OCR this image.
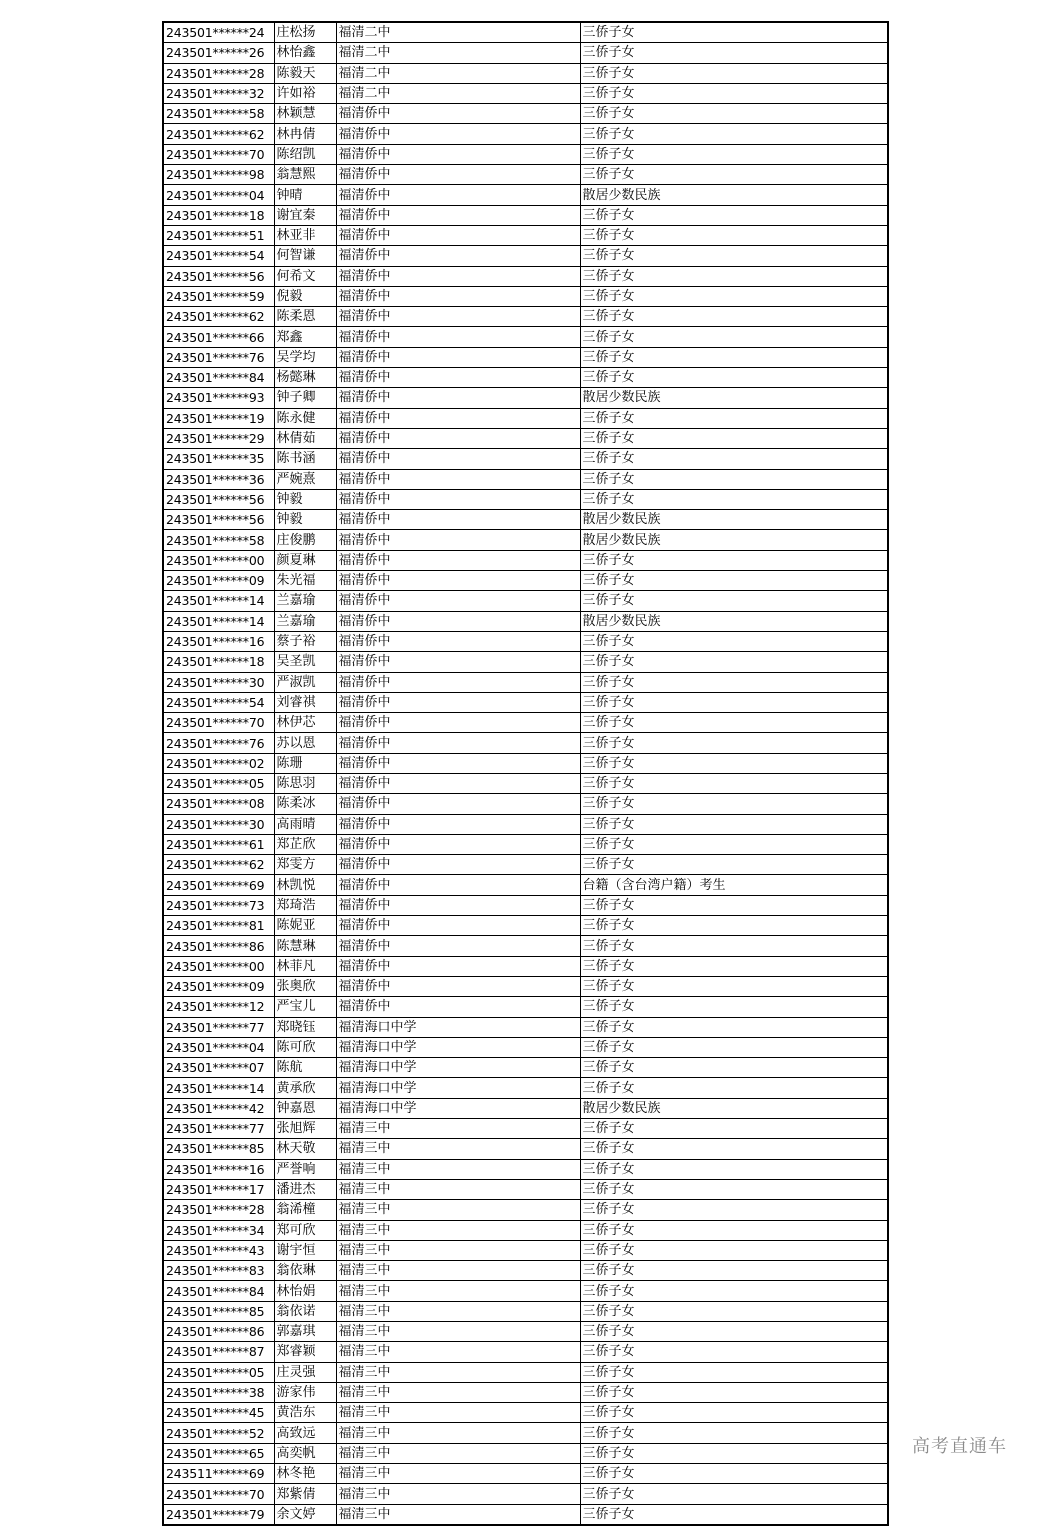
243501******24	庄松扬	福清二中	三侨子女
243501******26	林怡鑫	福清二中	三侨子女
243501******28	陈毅天	福清二中	三侨子女
243501******32	许如裕	福清二中	三侨子女
243501******58	林颖慧	福清侨中	三侨子女
243501******62	林冉倩	福清侨中	三侨子女
243501******70	陈绍凯	福清侨中	三侨子女
243501******98	翁慧熙	福清侨中	三侨子女
243501******04	钟晴	福清侨中	散居少数民族
243501******18	谢宜秦	福清侨中	三侨子女
243501******51	林亚非	福清侨中	三侨子女
243501******54	何智谦	福清侨中	三侨子女
243501******56	何希文	福清侨中	三侨子女
243501******59	倪毅	福清侨中	三侨子女
243501******62	陈柔恩	福清侨中	三侨子女
243501******66	郑鑫	福清侨中	三侨子女
243501******76	吴学均	福清侨中	三侨子女
243501******84	杨懿琳	福清侨中	三侨子女
243501******93	钟子卿	福清侨中	散居少数民族
243501******19	陈永健	福清侨中	三侨子女
243501******29	林倩茹	福清侨中	三侨子女
243501******35	陈书涵	福清侨中	三侨子女
243501******36	严婉熹	福清侨中	三侨子女
243501******56	钟毅	福清侨中	三侨子女
243501******56	钟毅	福清侨中	散居少数民族
243501******58	庄俊鹏	福清侨中	散居少数民族
243501******00	颜夏琳	福清侨中	三侨子女
243501******09	朱光福	福清侨中	三侨子女
243501******14	兰嘉瑜	福清侨中	三侨子女
243501******14	兰嘉瑜	福清侨中	散居少数民族
243501******16	蔡子裕	福清侨中	三侨子女
243501******18	吴圣凯	福清侨中	三侨子女
243501******30	严淑凯	福清侨中	三侨子女
243501******54	刘睿祺	福清侨中	三侨子女
243501******70	林伊芯	福清侨中	三侨子女
243501******76	苏以恩	福清侨中	三侨子女
243501******02	陈珊	福清侨中	三侨子女
243501******05	陈思羽	福清侨中	三侨子女
243501******08	陈柔冰	福清侨中	三侨子女
243501******30	高雨晴	福清侨中	三侨子女
243501******61	郑芷欣	福清侨中	三侨子女
243501******62	郑雯方	福清侨中	三侨子女
243501******69	林凯悦	福清侨中	台籍（含台湾户籍）考生
243501******73	郑琦浩	福清侨中	三侨子女
243501******81	陈妮亚	福清侨中	三侨子女
243501******86	陈慧琳	福清侨中	三侨子女
243501******00	林菲凡	福清侨中	三侨子女
243501******09	张奥欣	福清侨中	三侨子女
243501******12	严宝儿	福清侨中	三侨子女
243501******77	郑晓钰	福清海口中学	三侨子女
243501******04	陈可欣	福清海口中学	三侨子女
243501******07	陈航	福清海口中学	三侨子女
243501******14	黄承欣	福清海口中学	三侨子女
243501******42	钟嘉恩	福清海口中学	散居少数民族
243501******77	张旭辉	福清三中	三侨子女
243501******85	林天敬	福清三中	三侨子女
243501******16	严誉响	福清三中	三侨子女
243501******17	潘进杰	福清三中	三侨子女
243501******28	翁浠橦	福清三中	三侨子女
243501******34	郑可欣	福清三中	三侨子女
243501******43	谢宇恒	福清三中	三侨子女
243501******83	翁依琳	福清三中	三侨子女
243501******84	林怡娟	福清三中	三侨子女
243501******85	翁依诺	福清三中	三侨子女
243501******86	郭嘉琪	福清三中	三侨子女
243501******87	郑睿颖	福清三中	三侨子女
243501******05	庄灵强	福清三中	三侨子女
243501******38	游家伟	福清三中	三侨子女
243501******45	黄浩东	福清三中	三侨子女
243501******52	高致远	福清三中	三侨子女
243501******65	高奕帆	福清三中	三侨子女
243511******69	林冬艳	福清三中	三侨子女
243501******70	郑紫倩	福清三中	三侨子女
243501******79	余文婷	福清三中	三侨子女
高考直通车
